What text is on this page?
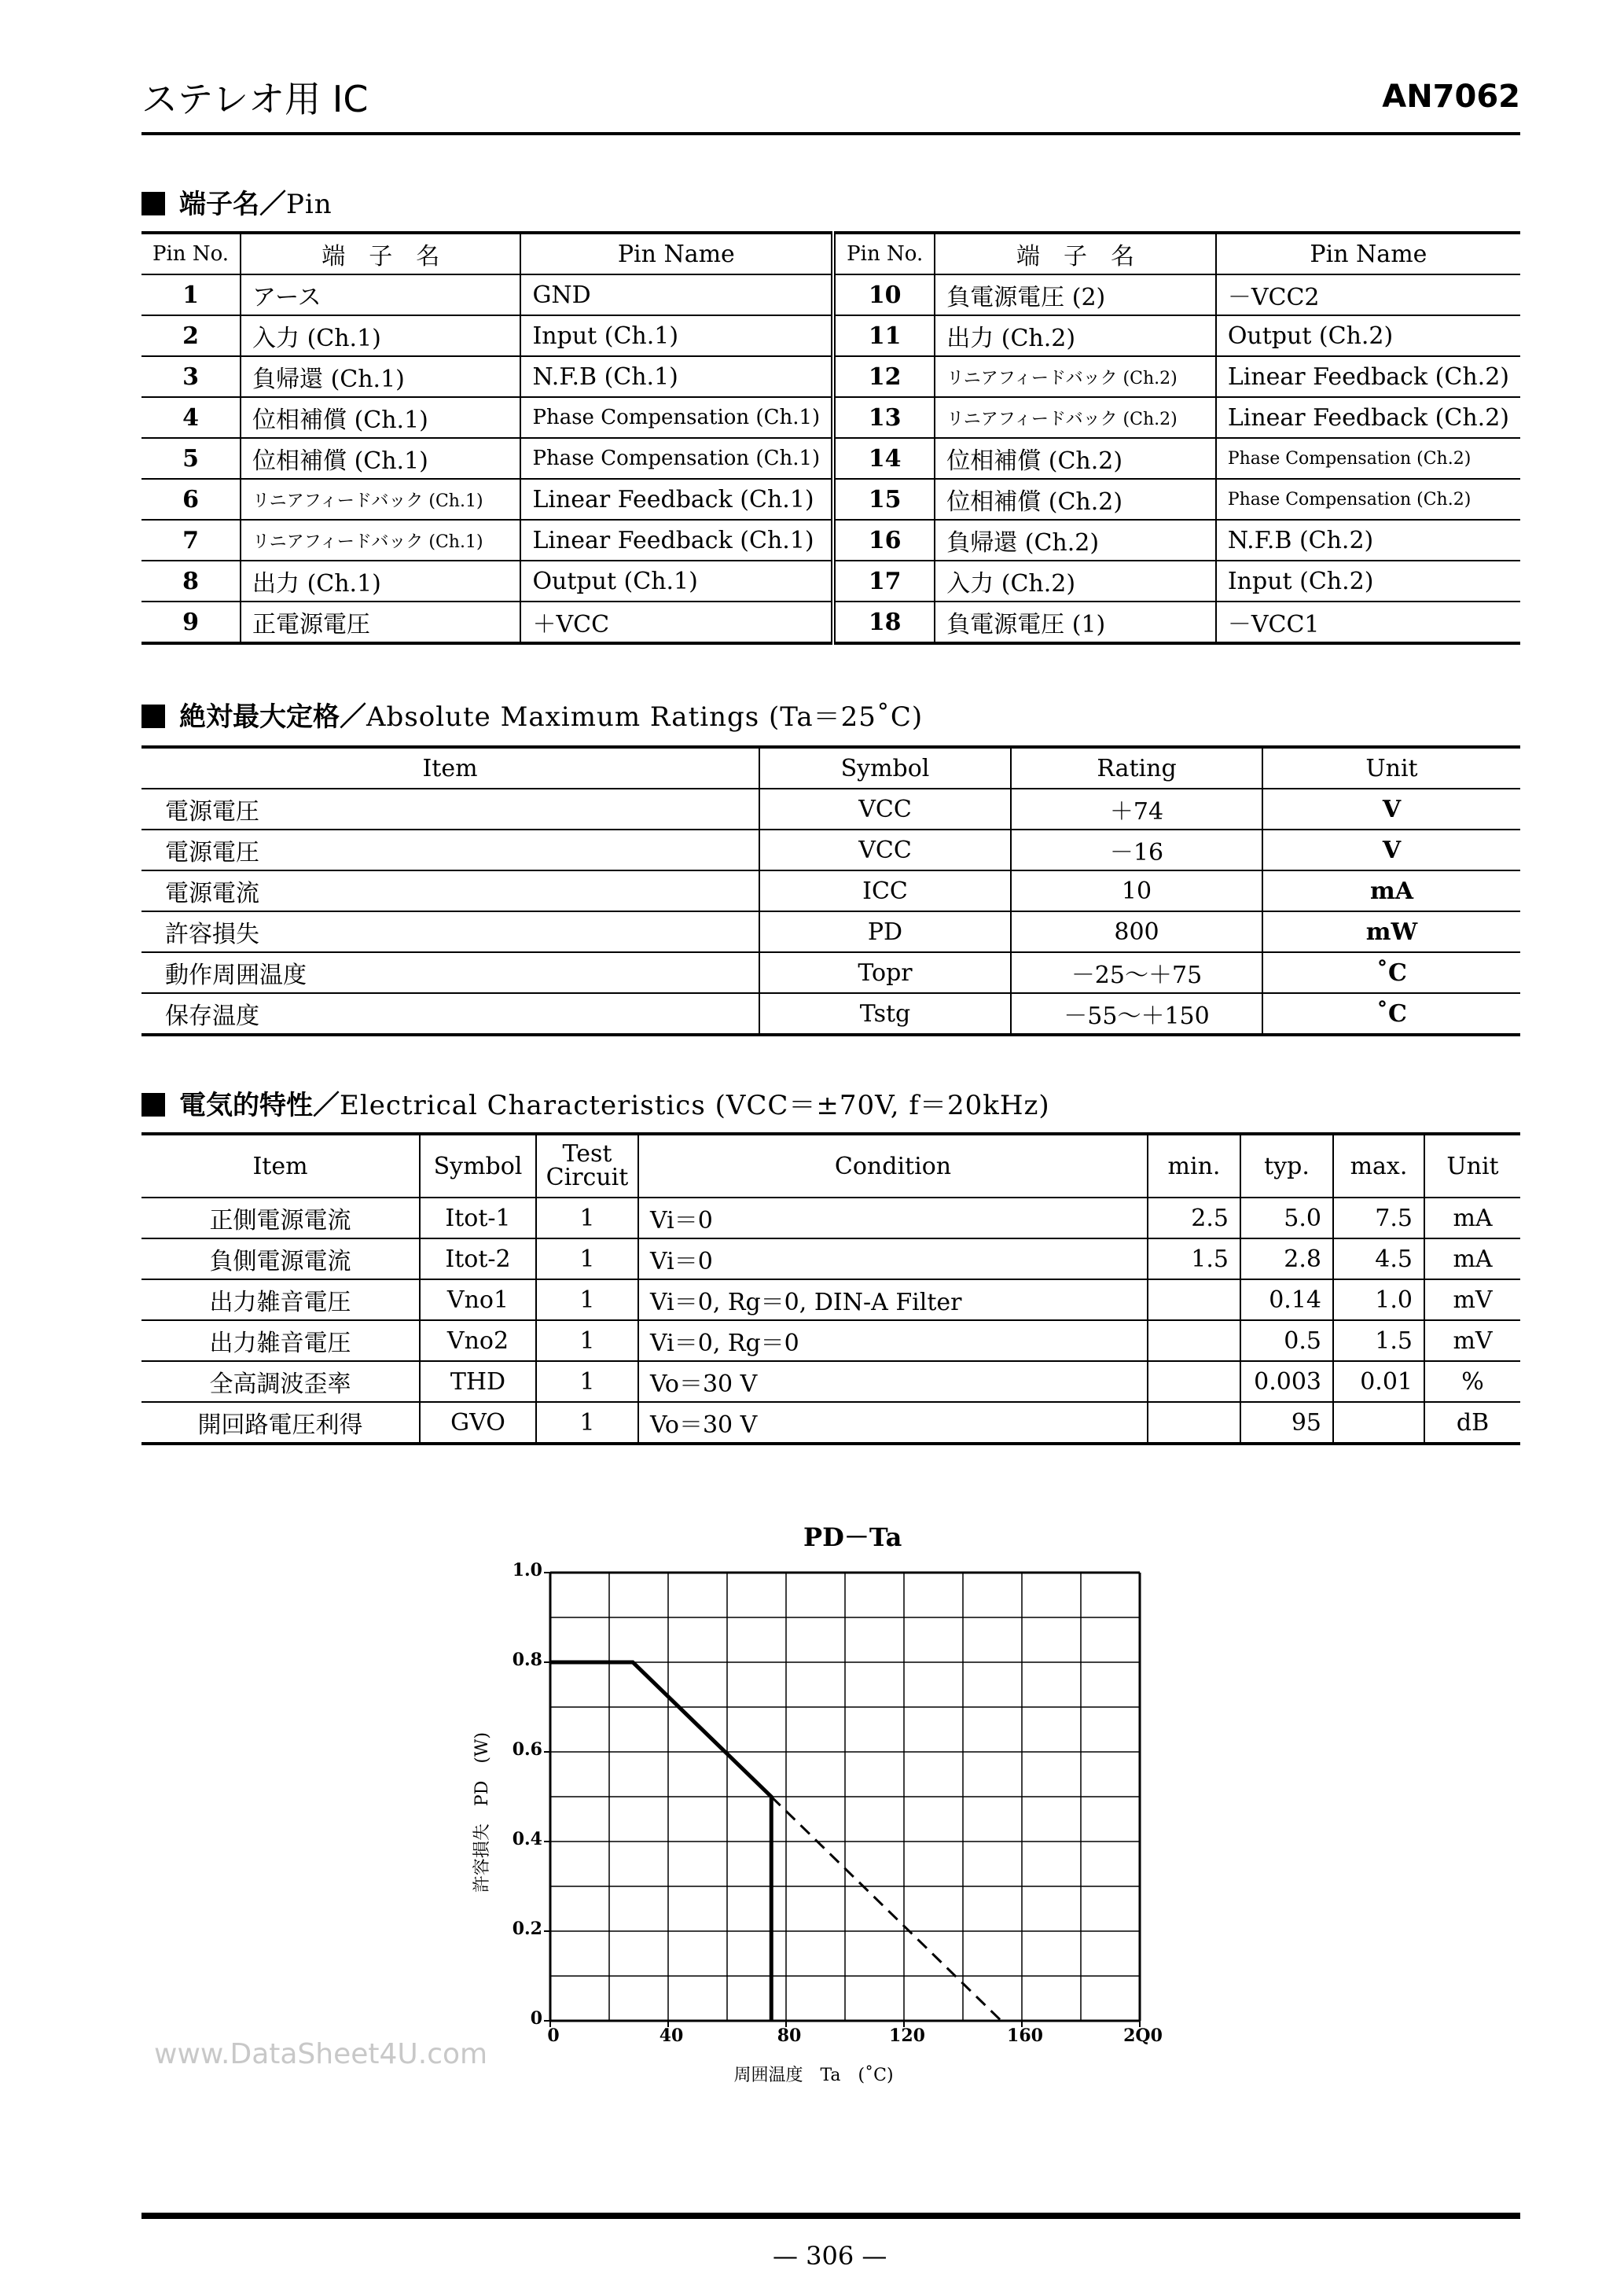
ステレオ用 IC	AN7062
端子名／Pin
Pin No.	端　子　名	Pin Name	Pin No.	端　子　名	Pin Name
1	アース	GND	10	負電源電圧 (2)	－VCC2
2	入力 (Ch.1)	Input (Ch.1)	11	出力 (Ch.2)	Output (Ch.2)
3	負帰還 (Ch.1)	N.F.B (Ch.1)	12	リニアフィードバック (Ch.2)	Linear Feedback (Ch.2)
4	位相補償 (Ch.1)	Phase Compensation (Ch.1)	13	リニアフィードバック (Ch.2)	Linear Feedback (Ch.2)
5	位相補償 (Ch.1)	Phase Compensation (Ch.1)	14	位相補償 (Ch.2)	Phase Compensation (Ch.2)
6	リニアフィードバック (Ch.1)	Linear Feedback (Ch.1)	15	位相補償 (Ch.2)	Phase Compensation (Ch.2)
7	リニアフィードバック (Ch.1)	Linear Feedback (Ch.1)	16	負帰還 (Ch.2)	N.F.B (Ch.2)
8	出力 (Ch.1)	Output (Ch.1)	17	入力 (Ch.2)	Input (Ch.2)
9	正電源電圧	＋VCC	18	負電源電圧 (1)	－VCC1
絶対最大定格／Absolute Maximum Ratings (Ta＝25˚C)
Item	Symbol	Rating	Unit
電源電圧	VCC	＋74	V
電源電圧	VCC	－16	V
電源電流	ICC	10	mA
許容損失	PD	800	mW
動作周囲温度	Topr	－25～＋75	˚C
保存温度	Tstg	－55～＋150	˚C
電気的特性／Electrical Characteristics (VCC＝±70V, f＝20kHz)
Item	Symbol	Test Circuit	Condition	min.	typ.	max.	Unit
正側電源電流	Itot-1	1	Vi＝0	2.5	5.0	7.5	mA
負側電源電流	Itot-2	1	Vi＝0	1.5	2.8	4.5	mA
出力雑音電圧	Vno1	1	Vi＝0, Rg＝0, DIN-A Filter		0.14	1.0	mV
出力雑音電圧	Vno2	1	Vi＝0, Rg＝0		0.5	1.5	mV
全高調波歪率	THD	1	Vo＝30 V		0.003	0.01	%
開回路電圧利得	GVO	1	Vo＝30 V		95		dB
PD－Ta
0	40	80	120	160	2Q0
0
0.2
0.4
0.6
0.8
1.0
許容損失　PD　(W)
周囲温度　Ta　(˚C)
www.DataSheet4U.com
— 306 —
